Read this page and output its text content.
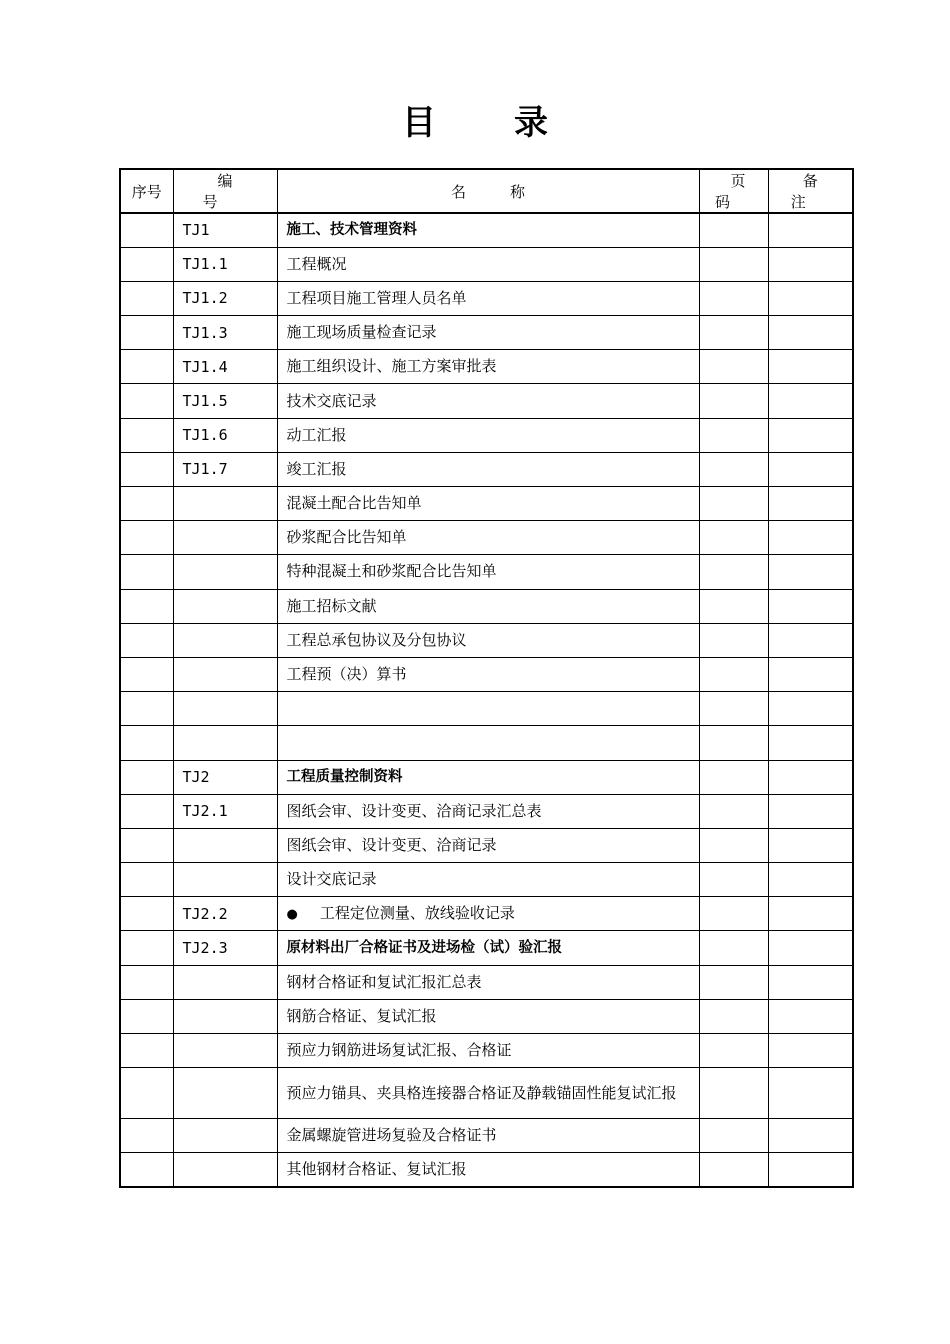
目录
序号	编号	名称	页码	备注
	TJ1	施工、技术管理资料		
	TJ1.1	工程概况		
	TJ1.2	工程项目施工管理人员名单		
	TJ1.3	施工现场质量检查记录		
	TJ1.4	施工组织设计、施工方案审批表		
	TJ1.5	技术交底记录		
	TJ1.6	动工汇报		
	TJ1.7	竣工汇报		
		混凝土配合比告知单		
		砂浆配合比告知单		
		特种混凝土和砂浆配合比告知单		
		施工招标文献		
		工程总承包协议及分包协议		
		工程预（决）算书		

	TJ2	工程质量控制资料		
	TJ2.1	图纸会审、设计变更、洽商记录汇总表		
		图纸会审、设计变更、洽商记录		
		设计交底记录		
	TJ2.2	● 工程定位测量、放线验收记录		
	TJ2.3	原材料出厂合格证书及进场检（试）验汇报		
		钢材合格证和复试汇报汇总表		
		钢筋合格证、复试汇报		
		预应力钢筋进场复试汇报、合格证		
		预应力锚具、夹具格连接器合格证及静载锚固性能复试汇报		
		金属螺旋管进场复验及合格证书		
		其他钢材合格证、复试汇报		
